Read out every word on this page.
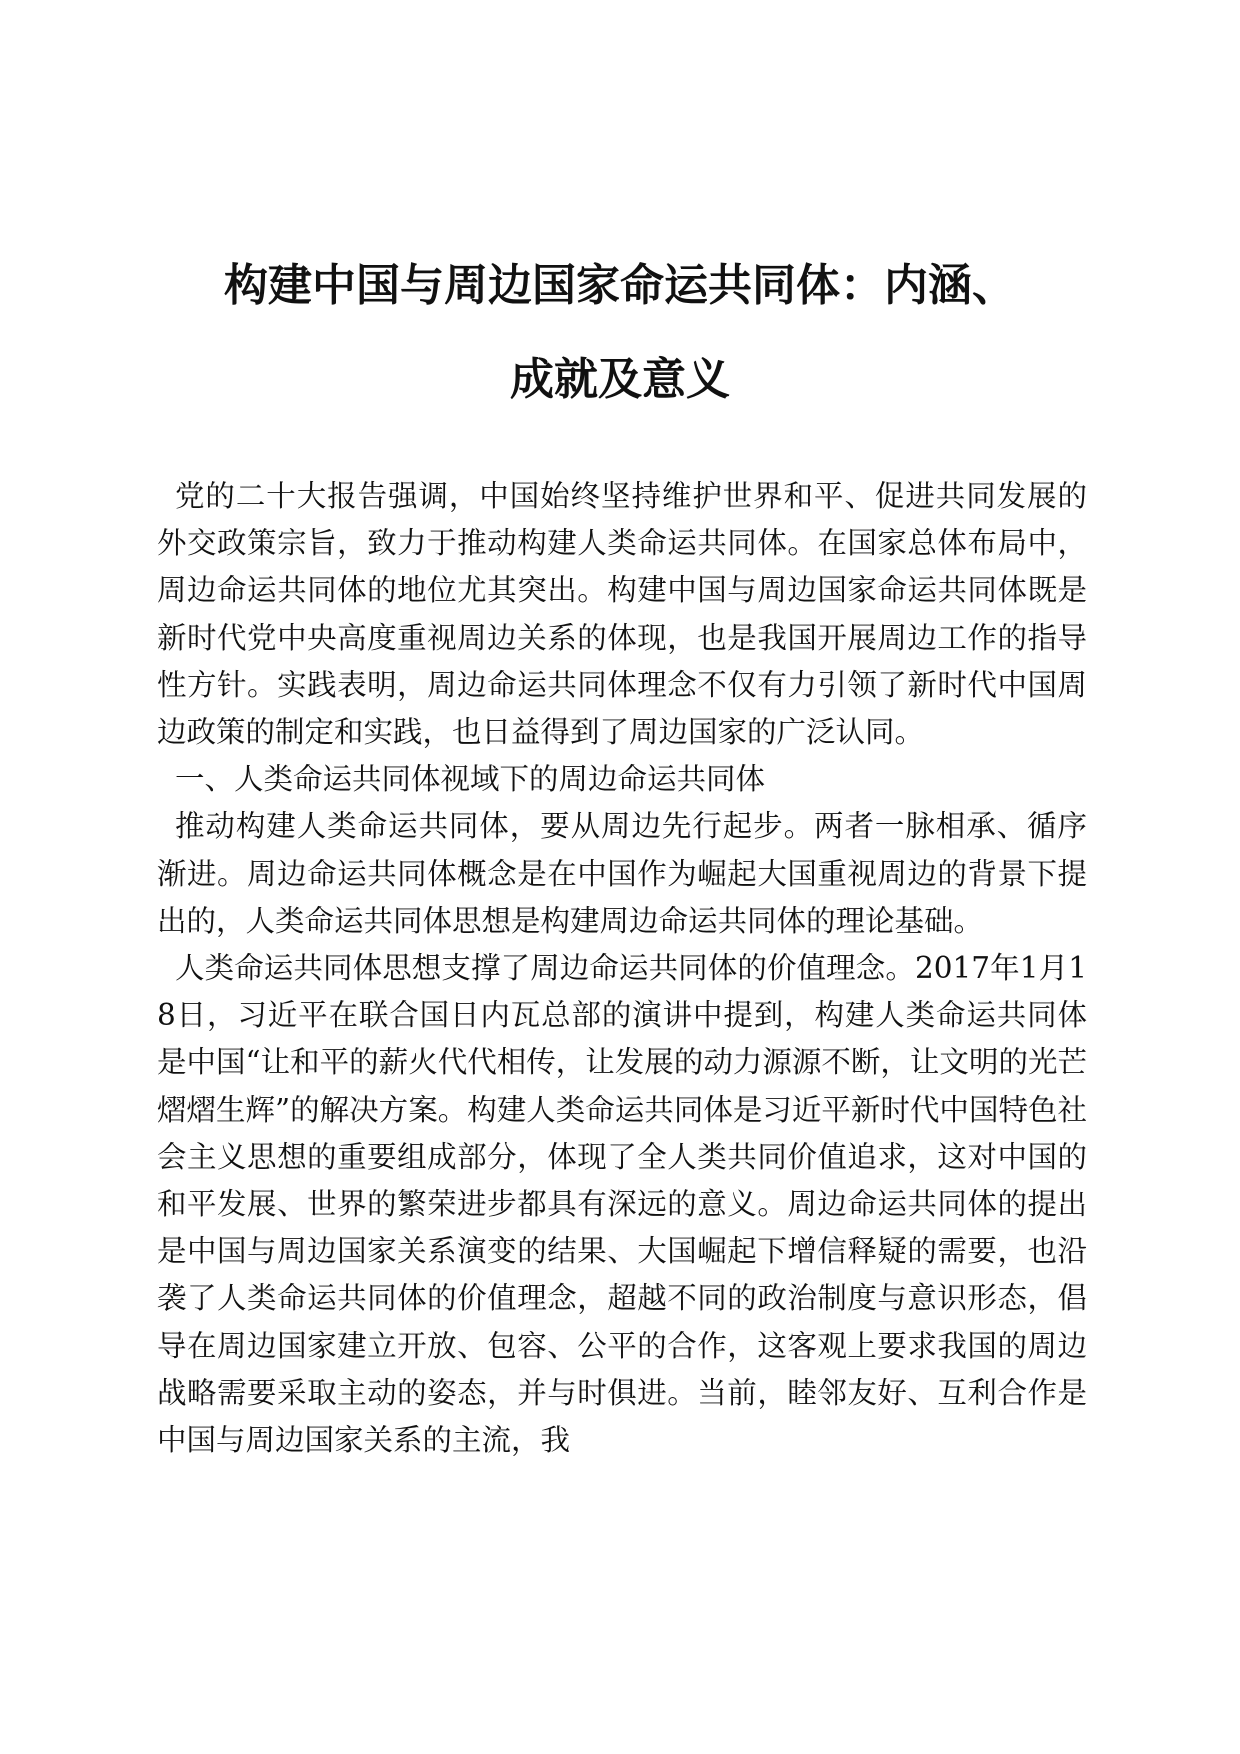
构建中国与周边国家命运共同体：内涵、
成就及意义

党的二十大报告强调，中国始终坚持维护世界和平、促进共同发展的外交政策宗旨，致力于推动构建人类命运共同体。在国家总体布局中，周边命运共同体的地位尤其突出。构建中国与周边国家命运共同体既是新时代党中央高度重视周边关系的体现，也是我国开展周边工作的指导性方针。实践表明，周边命运共同体理念不仅有力引领了新时代中国周边政策的制定和实践，也日益得到了周边国家的广泛认同。

一、人类命运共同体视域下的周边命运共同体

推动构建人类命运共同体，要从周边先行起步。两者一脉相承、循序渐进。周边命运共同体概念是在中国作为崛起大国重视周边的背景下提出的，人类命运共同体思想是构建周边命运共同体的理论基础。

人类命运共同体思想支撑了周边命运共同体的价值理念。2017年1月18日，习近平在联合国日内瓦总部的演讲中提到，构建人类命运共同体是中国“让和平的薪火代代相传，让发展的动力源源不断，让文明的光芒熠熠生辉”的解决方案。构建人类命运共同体是习近平新时代中国特色社会主义思想的重要组成部分，体现了全人类共同价值追求，这对中国的和平发展、世界的繁荣进步都具有深远的意义。周边命运共同体的提出是中国与周边国家关系演变的结果、大国崛起下增信释疑的需要，也沿袭了人类命运共同体的价值理念，超越不同的政治制度与意识形态，倡导在周边国家建立开放、包容、公平的合作，这客观上要求我国的周边战略需要采取主动的姿态，并与时俱进。当前，睦邻友好、互利合作是中国与周边国家关系的主流，我
